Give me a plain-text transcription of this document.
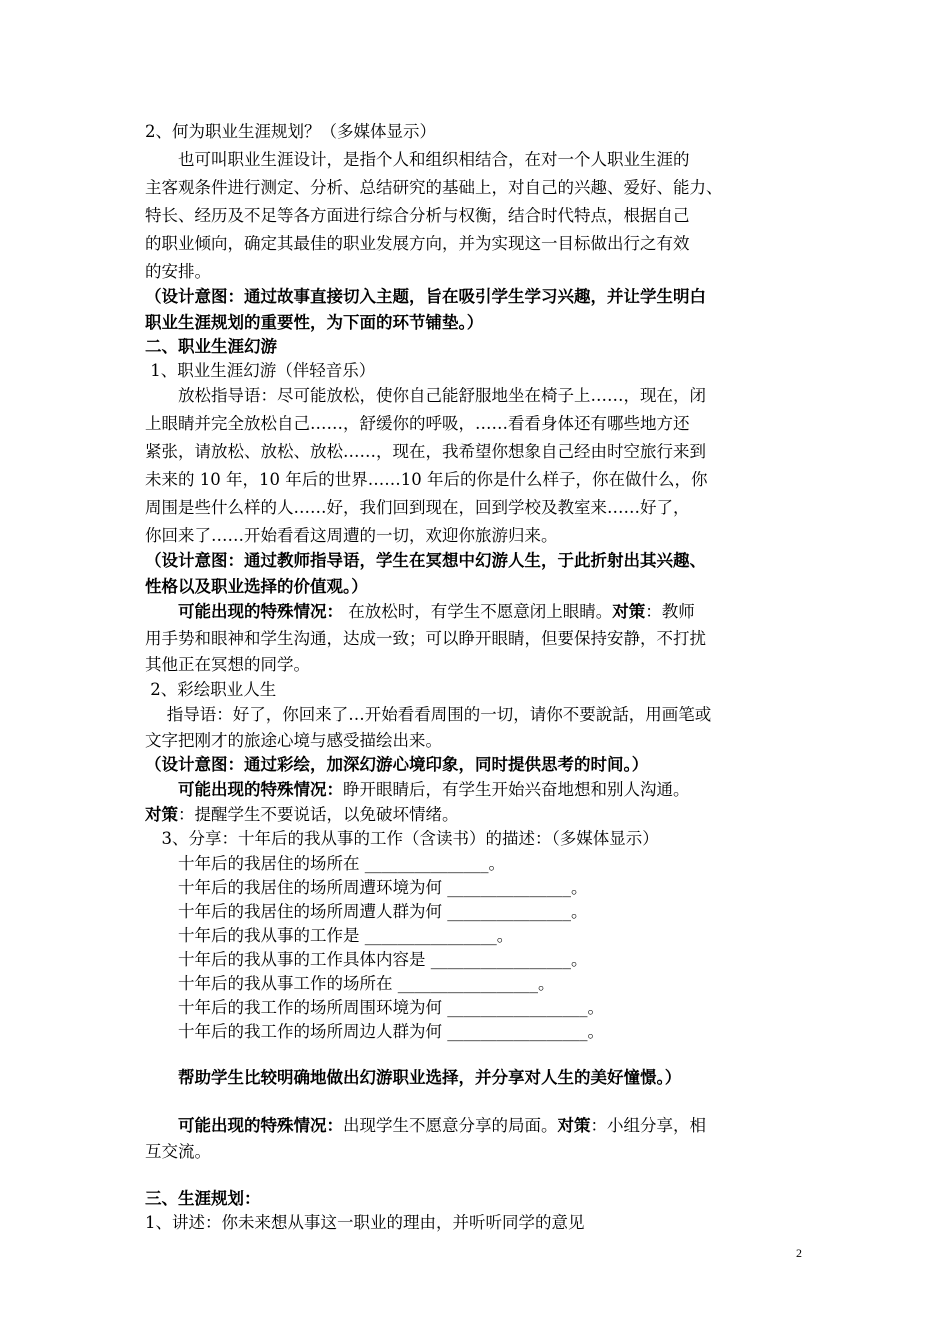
2、何为职业生涯规划？（多媒体显示）
　　也可叫职业生涯设计，是指个人和组织相结合，在对一个人职业生涯的
主客观条件进行测定、分析、总结研究的基础上，对自己的兴趣、爱好、能力、
特长、经历及不足等各方面进行综合分析与权衡，结合时代特点，根据自己
的职业倾向，确定其最佳的职业发展方向，并为实现这一目标做出行之有效
的安排。
（设计意图：通过故事直接切入主题，旨在吸引学生学习兴趣，并让学生明白
职业生涯规划的重要性，为下面的环节铺垫。）
二、职业生涯幻游
1、职业生涯幻游（伴轻音乐）
　　放松指导语：尽可能放松，使你自己能舒服地坐在椅子上……，现在，闭
上眼睛并完全放松自己……，舒缓你的呼吸，……看看身体还有哪些地方还
紧张，请放松、放松、放松……，现在，我希望你想象自己经由时空旅行来到
未来的 10 年，10 年后的世界……10 年后的你是什么样子，你在做什么，你
周围是些什么样的人……好，我们回到现在，回到学校及教室来……好了，
你回来了……开始看看这周遭的一切，欢迎你旅游归来。
（设计意图：通过教师指导语，学生在冥想中幻游人生，于此折射出其兴趣、
性格以及职业选择的价值观。）
　　可能出现的特殊情况： 在放松时，有学生不愿意闭上眼睛。对策：教师
用手势和眼神和学生沟通，达成一致；可以睁开眼睛，但要保持安静，不打扰
其他正在冥想的同学。
2、彩绘职业人生
　 指导语：好了，你回来了…开始看看周围的一切，请你不要說話，用画笔或
文字把刚才的旅途心境与感受描绘出来。
（设计意图：通过彩绘，加深幻游心境印象，同时提供思考的时间。）
　　可能出现的特殊情况：睁开眼睛后，有学生开始兴奋地想和别人沟通。
对策：提醒学生不要说话，以免破坏情绪。
　3、分享：十年后的我从事的工作（含读书）的描述：（多媒体显示）
　　十年后的我居住的场所在 _______________。
　　十年后的我居住的场所周遭环境为何 _______________。
　　十年后的我居住的场所周遭人群为何 _______________。
　　十年后的我从事的工作是 ________________。
　　十年后的我从事的工作具体内容是 _________________。
　　十年后的我从事工作的场所在 _________________。
　　十年后的我工作的场所周围环境为何 _________________。
　　十年后的我工作的场所周边人群为何 _________________。
　　帮助学生比较明确地做出幻游职业选择，并分享对人生的美好憧憬。）
　　可能出现的特殊情况：出现学生不愿意分享的局面。对策：小组分享，相
互交流。
三、生涯规划：
1、讲述：你未来想从事这一职业的理由，并听听同学的意见
2
